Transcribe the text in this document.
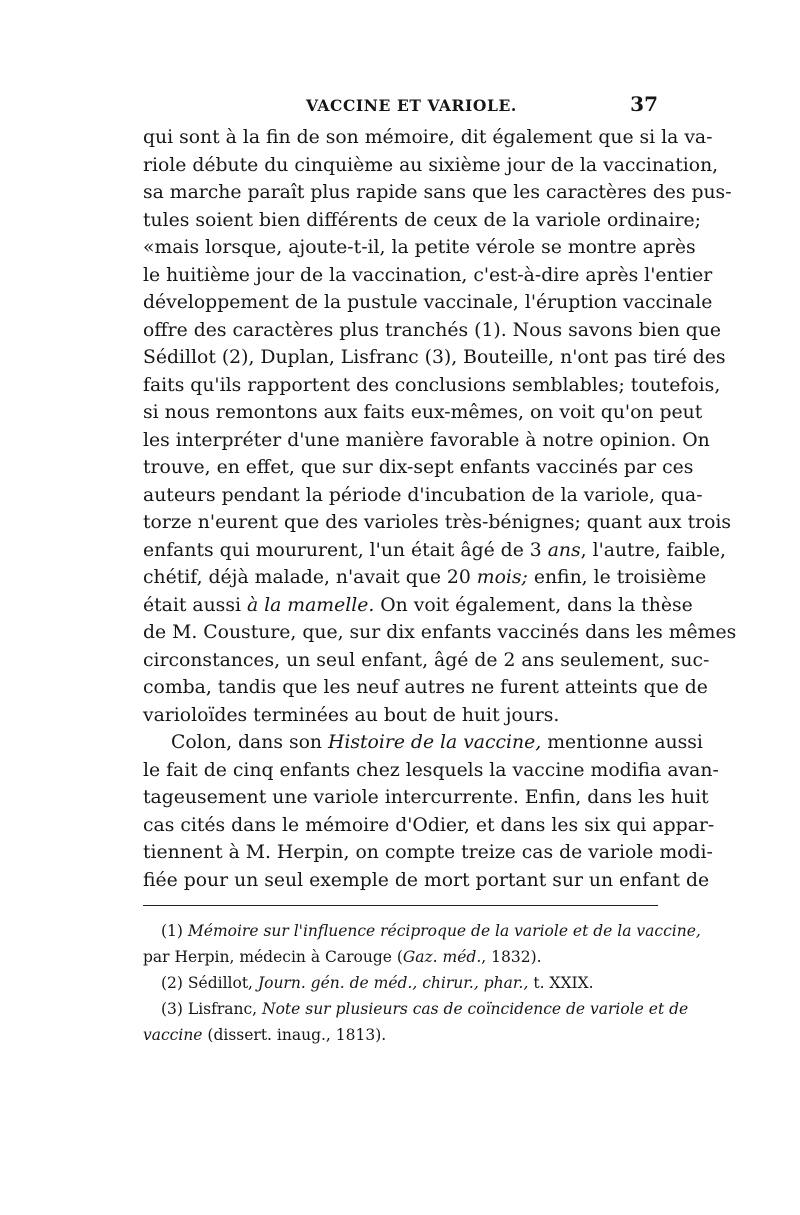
VACCINE ET VARIOLE.	37
qui sont à la fin de son mémoire, dit également que si la va-
riole débute du cinquième au sixième jour de la vaccination,
sa marche paraît plus rapide sans que les caractères des pus-
tules soient bien différents de ceux de la variole ordinaire;
«mais lorsque, ajoute-t-il, la petite vérole se montre après
le huitième jour de la vaccination, c'est-à-dire après l'entier
développement de la pustule vaccinale, l'éruption vaccinale
offre des caractères plus tranchés (1). Nous savons bien que
Sédillot (2), Duplan, Lisfranc (3), Bouteille, n'ont pas tiré des
faits qu'ils rapportent des conclusions semblables; toutefois,
si nous remontons aux faits eux-mêmes, on voit qu'on peut
les interpréter d'une manière favorable à notre opinion. On
trouve, en effet, que sur dix-sept enfants vaccinés par ces
auteurs pendant la période d'incubation de la variole, qua-
torze n'eurent que des varioles très-bénignes; quant aux trois
enfants qui moururent, l'un était âgé de 3 ans, l'autre, faible,
chétif, déjà malade, n'avait que 20 mois; enfin, le troisième
était aussi à la mamelle. On voit également, dans la thèse
de M. Cousture, que, sur dix enfants vaccinés dans les mêmes
circonstances, un seul enfant, âgé de 2 ans seulement, suc-
comba, tandis que les neuf autres ne furent atteints que de
varioloïdes terminées au bout de huit jours.
Colon, dans son Histoire de la vaccine, mentionne aussi
le fait de cinq enfants chez lesquels la vaccine modifia avan-
tageusement une variole intercurrente. Enfin, dans les huit
cas cités dans le mémoire d'Odier, et dans les six qui appar-
tiennent à M. Herpin, on compte treize cas de variole modi-
fiée pour un seul exemple de mort portant sur un enfant de
(1) Mémoire sur l'influence réciproque de la variole et de la vaccine,
par Herpin, médecin à Carouge (Gaz. méd., 1832).
(2) Sédillot, Journ. gén. de méd., chirur., phar., t. XXIX.
(3) Lisfranc, Note sur plusieurs cas de coïncidence de variole et de
vaccine (dissert. inaug., 1813).
